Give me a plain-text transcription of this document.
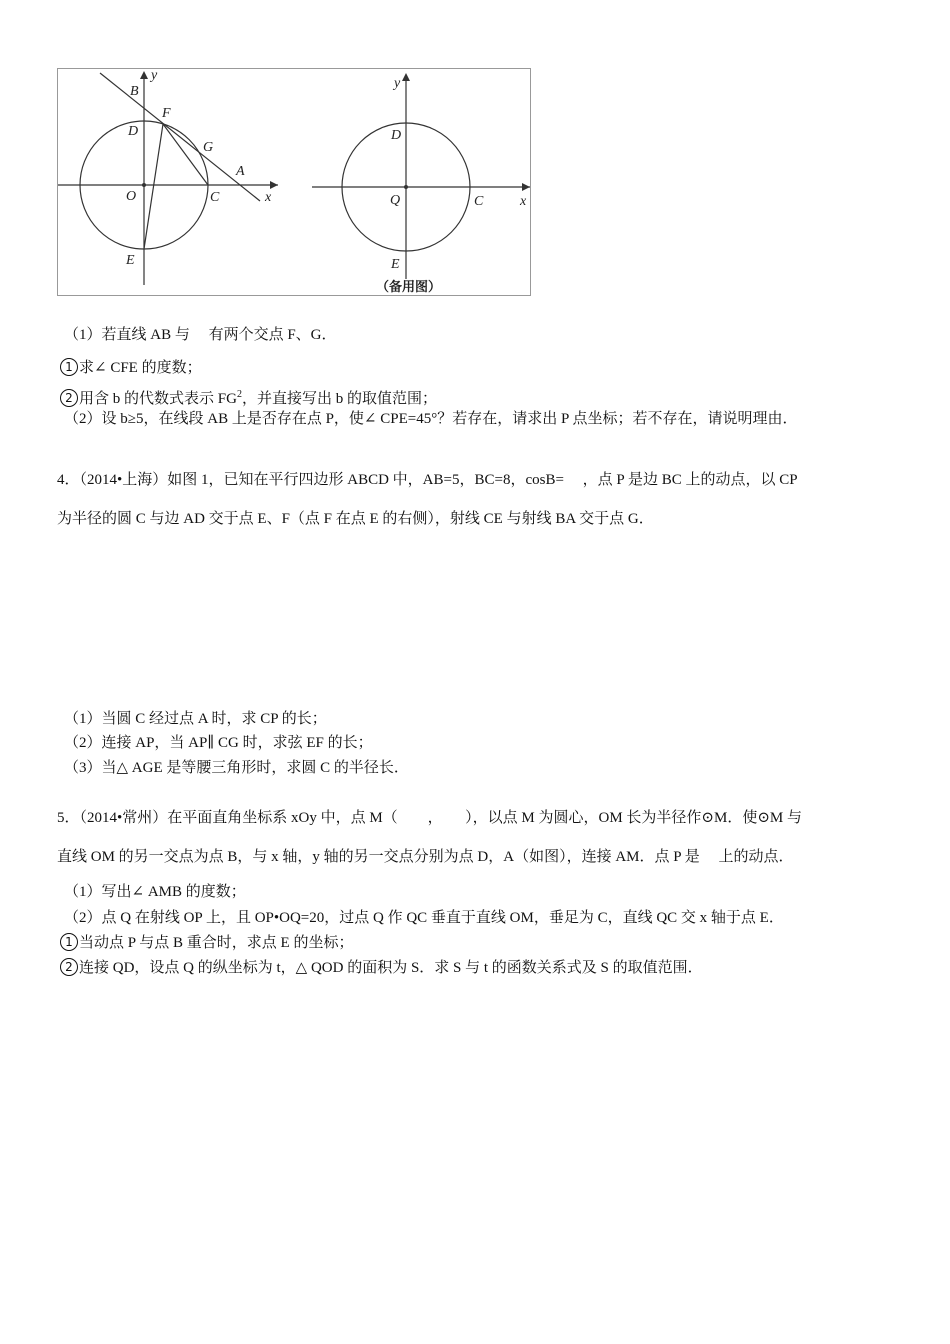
y
x
B
F
D
G
A
O	C
E
y
x
D
Q	C
E
（备用图）
（1）若直线 AB 与 　有两个交点 F、G．
1 求∠ CFE 的度数；
2 用含 b 的代数式表示 $FG^2$，并直接写出 b 的取值范围；
（2）设 b≥5，在线段 AB 上是否存在点 P，使∠ CPE=45°？若存在，请求出 P 点坐标；若不存在，请说明理由．
4．（2014•上海）如图 1，已知在平行四边形 ABCD 中，AB=5，BC=8，cosB= 　，点 P 是边 BC 上的动点，以 CP
为半径的圆 C 与边 AD 交于点 E、F（点 F 在点 E 的右侧），射线 CE 与射线 BA 交于点 G．
（1）当圆 C 经过点 A 时，求 CP 的长；
（2）连接 AP，当 AP∥ CG 时，求弦 EF 的长；
（3）当△ AGE 是等腰三角形时，求圆 C 的半径长．
5．（2014•常州）在平面直角坐标系 xOy 中，点 M（　　，　　），以点 M 为圆心，OM 长为半径作⊙M．使⊙M 与
直线 OM 的另一交点为点 B，与 x 轴，y 轴的另一交点分别为点 D，A（如图），连接 AM．点 P 是 　上的动点．
（1）写出∠ AMB 的度数；
（2）点 Q 在射线 OP 上，且 OP•OQ=20，过点 Q 作 QC 垂直于直线 OM，垂足为 C，直线 QC 交 x 轴于点 E．
1 当动点 P 与点 B 重合时，求点 E 的坐标；
2 连接 QD，设点 Q 的纵坐标为 t，△ QOD 的面积为 S．求 S 与 t 的函数关系式及 S 的取值范围．
